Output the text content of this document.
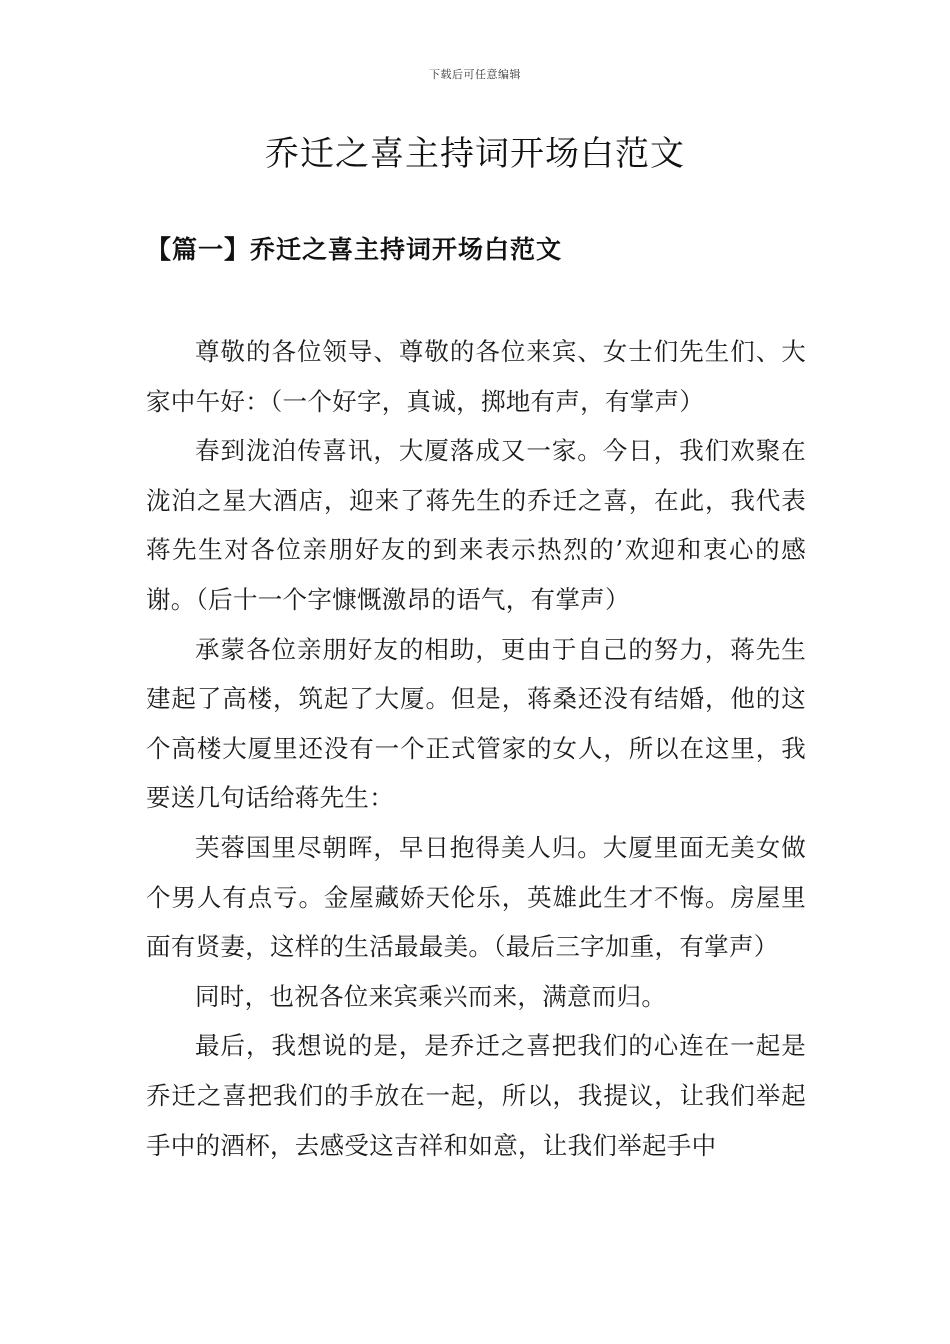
下载后可任意编辑
乔迁之喜主持词开场白范文
【篇一】乔迁之喜主持词开场白范文

尊敬的各位领导、尊敬的各位来宾、女士们先生们、大家中午好：（一个好字，真诚，掷地有声，有掌声）

春到泷泊传喜讯，大厦落成又一家。今日，我们欢聚在泷泊之星大酒店，迎来了蒋先生的乔迁之喜，在此，我代表蒋先生对各位亲朋好友的到来表示热烈的’欢迎和衷心的感谢。（后十一个字慷慨激昂的语气，有掌声）

承蒙各位亲朋好友的相助，更由于自己的努力，蒋先生建起了高楼，筑起了大厦。但是，蒋桑还没有结婚，他的这个高楼大厦里还没有一个正式管家的女人，所以在这里，我要送几句话给蒋先生：

芙蓉国里尽朝晖，早日抱得美人归。大厦里面无美女做个男人有点亏。金屋藏娇天伦乐，英雄此生才不悔。房屋里面有贤妻，这样的生活最最美。（最后三字加重，有掌声）

同时，也祝各位来宾乘兴而来，满意而归。

最后，我想说的是，是乔迁之喜把我们的心连在一起是乔迁之喜把我们的手放在一起，所以，我提议，让我们举起手中的酒杯，去感受这吉祥和如意，让我们举起手中
